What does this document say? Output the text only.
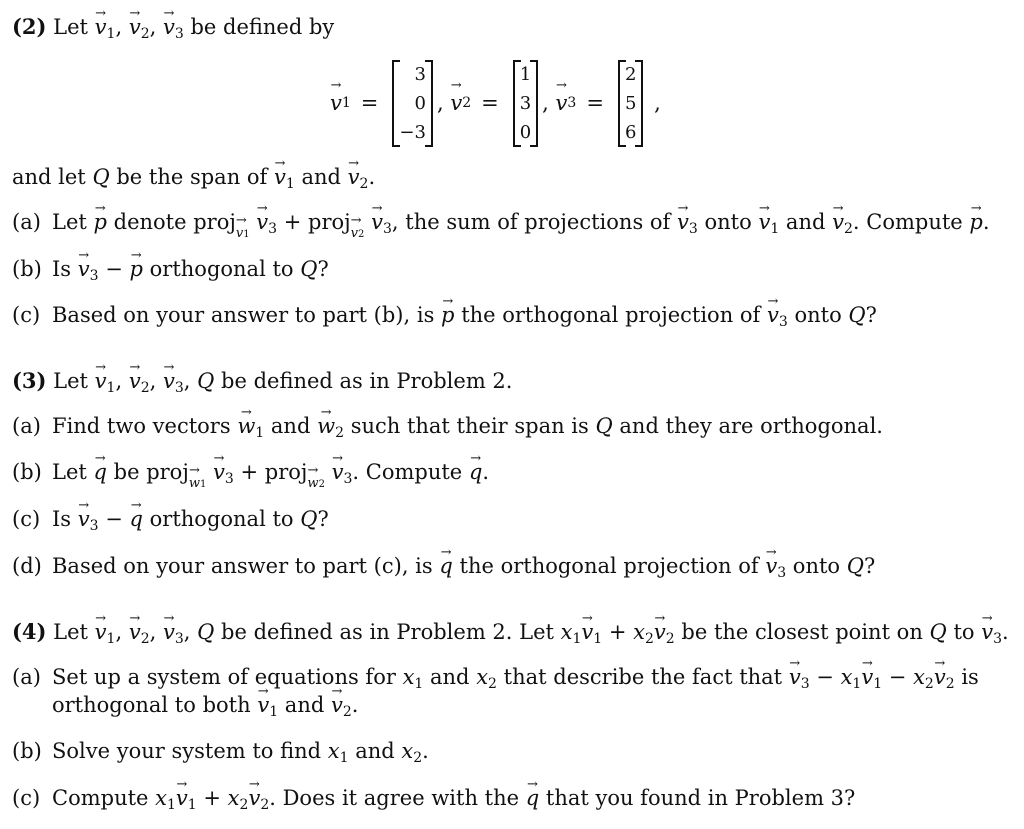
(2) Let → $v_1$, → $v_2$, → $v_3$ be defined by
→ v 1 =
3
0
−3
, → v 2 =
1
3
0
, → v 3 =
2
5
6
,
and let Q be the span of → $v_1$ and → $v_2$.
(a) Let → p denote proj→ $_{v1} \to v_3$ + proj→ $_{v2} \to v_3$, the sum of projections of → $v_3$ onto → $v_1$ and → $v_2$. Compute → p.
(b) $Is \to v_3$ − → p orthogonal to Q?
(c) Based on your answer to part (b), is → p the orthogonal projection of → $v_3$ onto Q?
(3) Let → $v_1$, → $v_2$, → $v_3$, Q be defined as in Problem 2.
(a) Find two vectors → $w_1$ and → $w_2$ such that their span is Q and they are orthogonal.
(b) Let → q be proj→ $_{w1} \to v_3$ + proj→ $_{w2} \to v_3$. Compute → q.
(c) $Is \to v_3$ − → q orthogonal to Q?
(d) Based on your answer to part (c), is → q the orthogonal projection of → $v_3$ onto Q?
(4) Let → $v_1$, → $v_2$, → $v_3$, Q be defined as in Problem 2. Let $x_1\to v_1 + x_2\to v_2$ be the closest point on Q to → $v_3$.
(a) Set up a system of equations for $x_1$ and $x_2$ that describe the fact that → $v_3 - x_1\to v_1 - x_2\to v_2$ is
orthogonal to both → $v_1$ and → $v_2$.
(b) Solve your system to find $x_1$ and $x_2$.
(c) Compute $x_1\to v_1 + x_2\to v_2$. Does it agree with the → q that you found in Problem 3?
